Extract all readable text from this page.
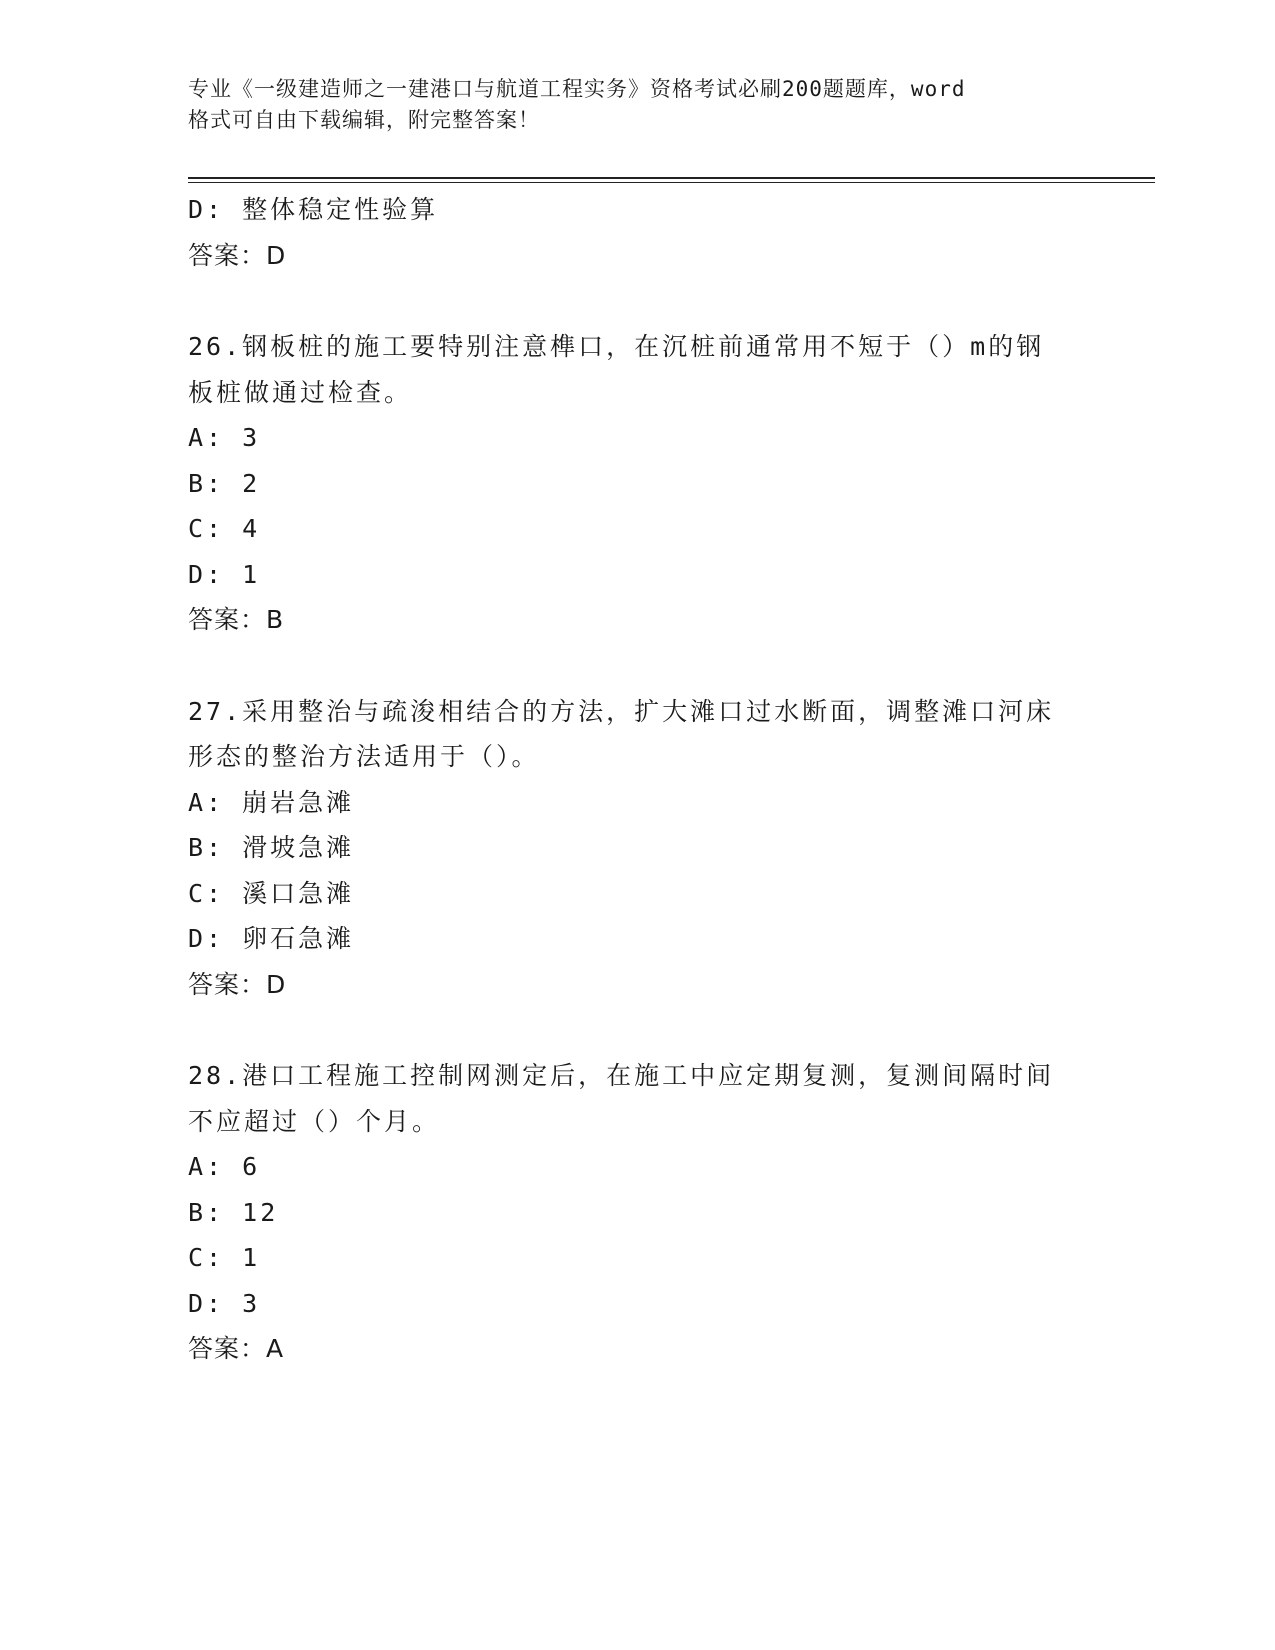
专业《一级建造师之一建港口与航道工程实务》资格考试必刷200题题库，word
格式可自由下载编辑，附完整答案！
D: 整体稳定性验算
答案：D
26.钢板桩的施工要特别注意榫口，在沉桩前通常用不短于（）m的钢
板桩做通过检查。
A: 3
B: 2
C: 4
D: 1
答案：B
27.采用整治与疏浚相结合的方法，扩大滩口过水断面，调整滩口河床
形态的整治方法适用于（）。
A: 崩岩急滩
B: 滑坡急滩
C: 溪口急滩
D: 卵石急滩
答案：D
28.港口工程施工控制网测定后，在施工中应定期复测，复测间隔时间
不应超过（）个月。
A: 6
B: 12
C: 1
D: 3
答案：A
